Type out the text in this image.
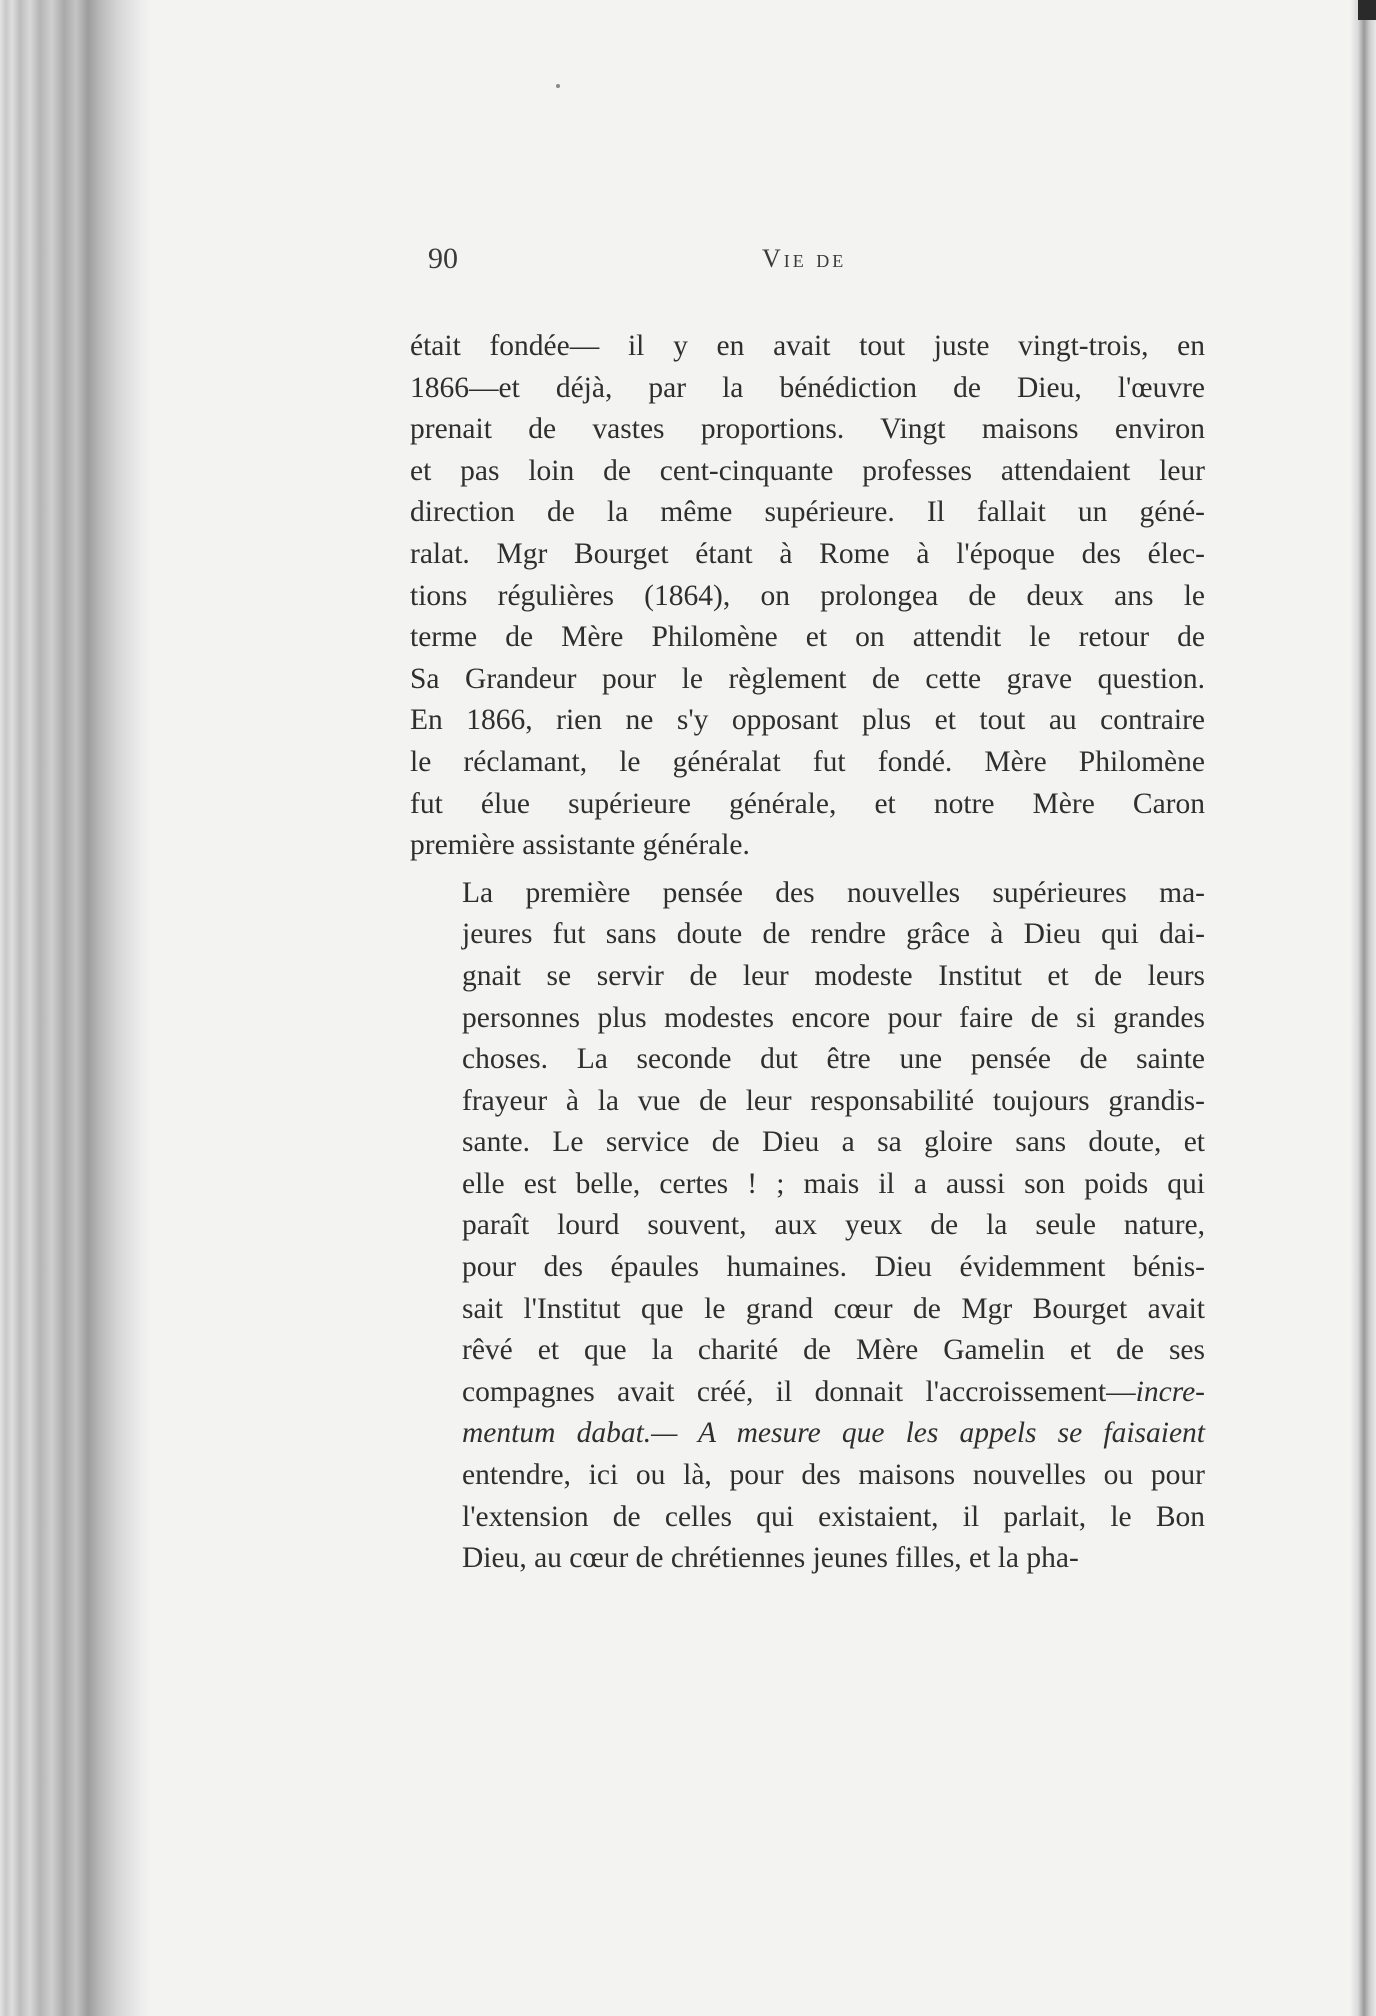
90	Vie de

était fondée— il y en avait tout juste vingt-trois, en
1866—et déjà, par la bénédiction de Dieu, l'œuvre
prenait de vastes proportions. Vingt maisons environ
et pas loin de cent-cinquante professes attendaient leur
direction de la même supérieure. Il fallait un géné-
ralat. Mgr Bourget étant à Rome à l'époque des élec-
tions régulières (1864), on prolongea de deux ans le
terme de Mère Philomène et on attendit le retour de
Sa Grandeur pour le règlement de cette grave question.
En 1866, rien ne s'y opposant plus et tout au contraire
le réclamant, le généralat fut fondé. Mère Philomène
fut élue supérieure générale, et notre Mère Caron
première assistante générale.

La première pensée des nouvelles supérieures ma-
jeures fut sans doute de rendre grâce à Dieu qui dai-
gnait se servir de leur modeste Institut et de leurs
personnes plus modestes encore pour faire de si grandes
choses. La seconde dut être une pensée de sainte
frayeur à la vue de leur responsabilité toujours grandis-
sante. Le service de Dieu a sa gloire sans doute, et
elle est belle, certes ! ; mais il a aussi son poids qui
paraît lourd souvent, aux yeux de la seule nature,
pour des épaules humaines. Dieu évidemment bénis-
sait l'Institut que le grand cœur de Mgr Bourget avait
rêvé et que la charité de Mère Gamelin et de ses
compagnes avait créé, il donnait l'accroissement—incre-
mentum dabat.— A mesure que les appels se faisaient
entendre, ici ou là, pour des maisons nouvelles ou pour
l'extension de celles qui existaient, il parlait, le Bon
Dieu, au cœur de chrétiennes jeunes filles, et la pha-
